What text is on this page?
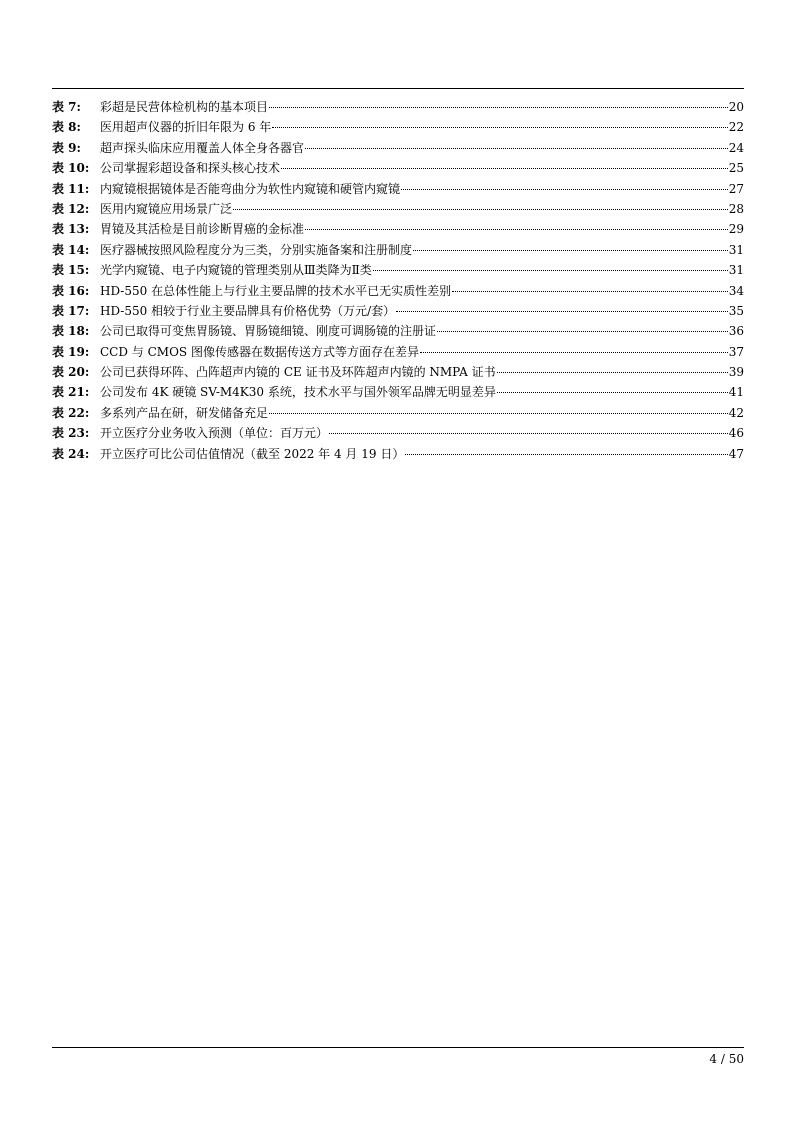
表 7:	彩超是民营体检机构的基本项目	20
表 8:	医用超声仪器的折旧年限为 6 年	22
表 9:	超声探头临床应用覆盖人体全身各器官	24
表 10: 公司掌握彩超设备和探头核心技术	25
表 11: 内窥镜根据镜体是否能弯曲分为软性内窥镜和硬管内窥镜	27
表 12: 医用内窥镜应用场景广泛	28
表 13: 胃镜及其活检是目前诊断胃癌的金标准	29
表 14: 医疗器械按照风险程度分为三类，分别实施备案和注册制度	31
表 15: 光学内窥镜、电子内窥镜的管理类别从Ⅲ类降为Ⅱ类	31
表 16: HD-550 在总体性能上与行业主要品牌的技术水平已无实质性差别	34
表 17: HD-550 相较于行业主要品牌具有价格优势（万元/套）	35
表 18: 公司已取得可变焦胃肠镜、胃肠镜细镜、刚度可调肠镜的注册证	36
表 19: CCD 与 CMOS 图像传感器在数据传送方式等方面存在差异	37
表 20: 公司已获得环阵、凸阵超声内镜的 CE 证书及环阵超声内镜的 NMPA 证书	39
表 21: 公司发布 4K 硬镜 SV-M4K30 系统，技术水平与国外领军品牌无明显差异	41
表 22: 多系列产品在研，研发储备充足	42
表 23: 开立医疗分业务收入预测（单位：百万元）	46
表 24: 开立医疗可比公司估值情况（截至 2022 年 4 月 19 日）	47
4 / 50
